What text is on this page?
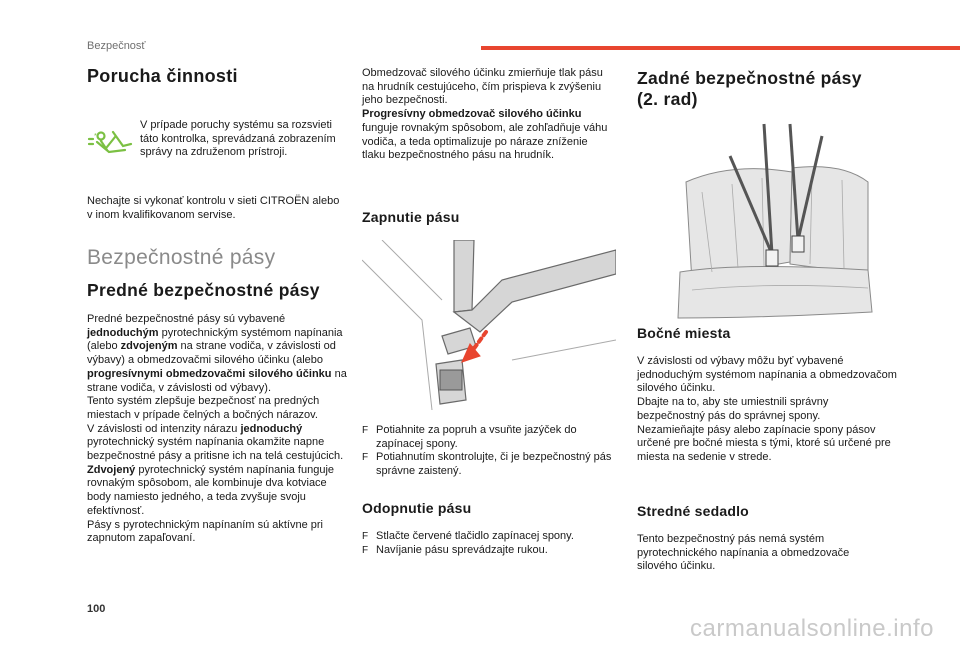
Bezpečnosť
Porucha činnosti
*

V prípade poruchy systému sa rozsvieti táto kontrolka, sprevádzaná zobrazením správy na združenom prístroji.

Nechajte si vykonať kontrolu v sieti CITROËN alebo v inom kvalifikovanom servise.

Bezpečnostné pásy
Predné bezpečnostné pásy

Predné bezpečnostné pásy sú vybavené jednoduchým pyrotechnickým systémom napínania (alebo zdvojeným na strane vodiča, v závislosti od výbavy) a obmedzovačmi silového účinku (alebo progresívnymi obmedzovačmi silového účinku na strane vodiča, v závislosti od výbavy).

Tento systém zlepšuje bezpečnosť na predných miestach v prípade čelných a bočných nárazov.

V závislosti od intenzity nárazu jednoduchý pyrotechnický systém napínania okamžite napne bezpečnostné pásy a pritisne ich na telá cestujúcich.

Zdvojený pyrotechnický systém napínania funguje rovnakým spôsobom, ale kombinuje dva kotviace body namiesto jedného, a teda zvyšuje svoju efektívnosť.

Pásy s pyrotechnickým napínaním sú aktívne pri zapnutom zapaľovaní.

Obmedzovač silového účinku zmierňuje tlak pásu na hrudník cestujúceho, čím prispieva k zvýšeniu jeho bezpečnosti.

Progresívny obmedzovač silového účinku funguje rovnakým spôsobom, ale zohľadňuje váhu vodiča, a teda optimalizuje po náraze zníženie tlaku bezpečnostného pásu na hrudník.

Zapnutie pásu
F Potiahnite za popruh a vsuňte jazýček do zapínacej spony.
F Potiahnutím skontrolujte, či je bezpečnostný pás správne zaistený.
Odopnutie pásu
F Stlačte červené tlačidlo zapínacej spony.
F Navíjanie pásu sprevádzajte rukou.
Zadné bezpečnostné pásy
(2. rad)
Bočné miesta

V závislosti od výbavy môžu byť vybavené jednoduchým systémom napínania a obmedzovačom silového účinku.

Dbajte na to, aby ste umiestnili správny bezpečnostný pás do správnej spony.

Nezamieňajte pásy alebo zapínacie spony pásov určené pre bočné miesta s tými, ktoré sú určené pre miesta na sedenie v strede.

Stredné sedadlo

Tento bezpečnostný pás nemá systém pyrotechnického napínania a obmedzovače silového účinku.

100
carmanualsonline.info
